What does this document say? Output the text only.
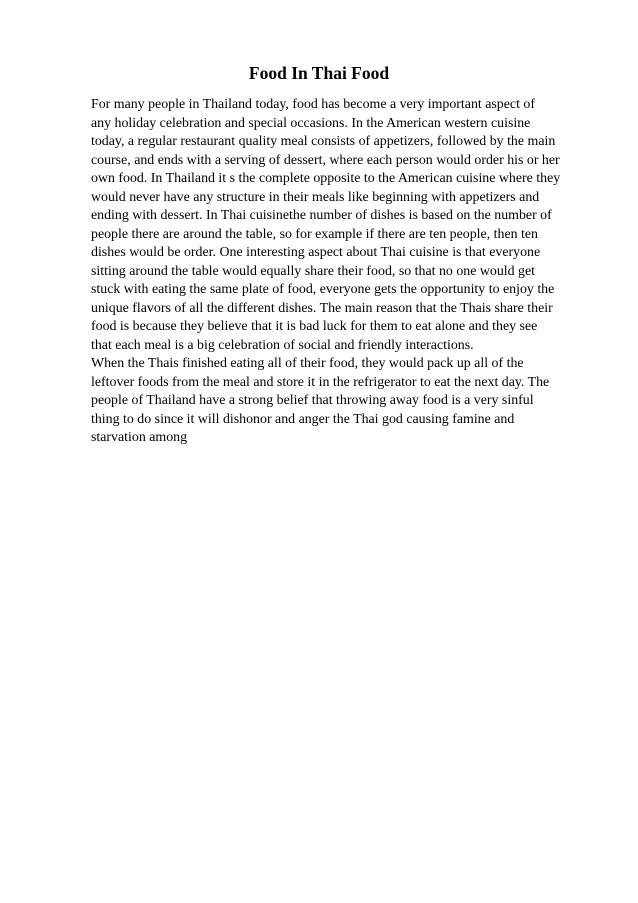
Food In Thai Food
For many people in Thailand today, food has become a very important aspect of
any holiday celebration and special occasions. In the American western cuisine
today, a regular restaurant quality meal consists of appetizers, followed by the main
course, and ends with a serving of dessert, where each person would order his or her
own food. In Thailand it s the complete opposite to the American cuisine where they
would never have any structure in their meals like beginning with appetizers and
ending with dessert. In Thai cuisinethe number of dishes is based on the number of
people there are around the table, so for example if there are ten people, then ten
dishes would be order. One interesting aspect about Thai cuisine is that everyone
sitting around the table would equally share their food, so that no one would get
stuck with eating the same plate of food, everyone gets the opportunity to enjoy the
unique flavors of all the different dishes. The main reason that the Thais share their
food is because they believe that it is bad luck for them to eat alone and they see
that each meal is a big celebration of social and friendly interactions.
When the Thais finished eating all of their food, they would pack up all of the
leftover foods from the meal and store it in the refrigerator to eat the next day. The
people of Thailand have a strong belief that throwing away food is a very sinful
thing to do since it will dishonor and anger the Thai god causing famine and
starvation among
